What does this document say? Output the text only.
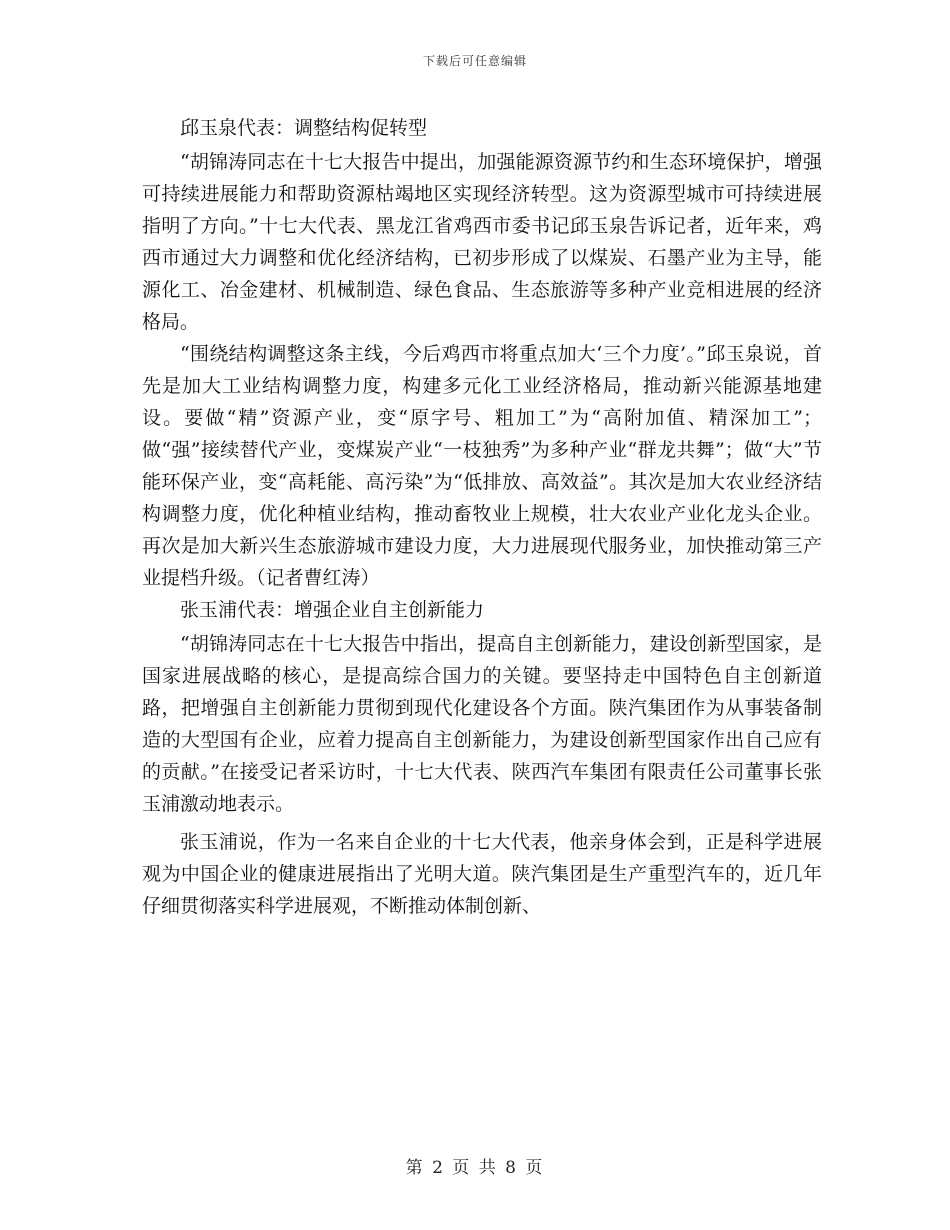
下载后可任意编辑

邱玉泉代表：调整结构促转型

“胡锦涛同志在十七大报告中提出，加强能源资源节约和生态环境保护，增强可持续进展能力和帮助资源枯竭地区实现经济转型。这为资源型城市可持续进展指明了方向。”十七大代表、黑龙江省鸡西市委书记邱玉泉告诉记者，近年来，鸡西市通过大力调整和优化经济结构，已初步形成了以煤炭、石墨产业为主导，能源化工、冶金建材、机械制造、绿色食品、生态旅游等多种产业竞相进展的经济格局。

“围绕结构调整这条主线，今后鸡西市将重点加大‘三个力度’。”邱玉泉说，首先是加大工业结构调整力度，构建多元化工业经济格局，推动新兴能源基地建设。要做“精”资源产业，变“原字号、粗加工”为“高附加值、精深加工”；做“强”接续替代产业，变煤炭产业“一枝独秀”为多种产业“群龙共舞”；做“大”节能环保产业，变“高耗能、高污染”为“低排放、高效益”。其次是加大农业经济结构调整力度，优化种植业结构，推动畜牧业上规模，壮大农业产业化龙头企业。再次是加大新兴生态旅游城市建设力度，大力进展现代服务业，加快推动第三产业提档升级。（记者曹红涛）

张玉浦代表：增强企业自主创新能力

“胡锦涛同志在十七大报告中指出，提高自主创新能力，建设创新型国家，是国家进展战略的核心，是提高综合国力的关键。要坚持走中国特色自主创新道路，把增强自主创新能力贯彻到现代化建设各个方面。陕汽集团作为从事装备制造的大型国有企业，应着力提高自主创新能力，为建设创新型国家作出自己应有的贡献。”在接受记者采访时，十七大代表、陕西汽车集团有限责任公司董事长张玉浦激动地表示。

张玉浦说，作为一名来自企业的十七大代表，他亲身体会到，正是科学进展观为中国企业的健康进展指出了光明大道。陕汽集团是生产重型汽车的，近几年仔细贯彻落实科学进展观，不断推动体制创新、

第 2 页 共 8 页
